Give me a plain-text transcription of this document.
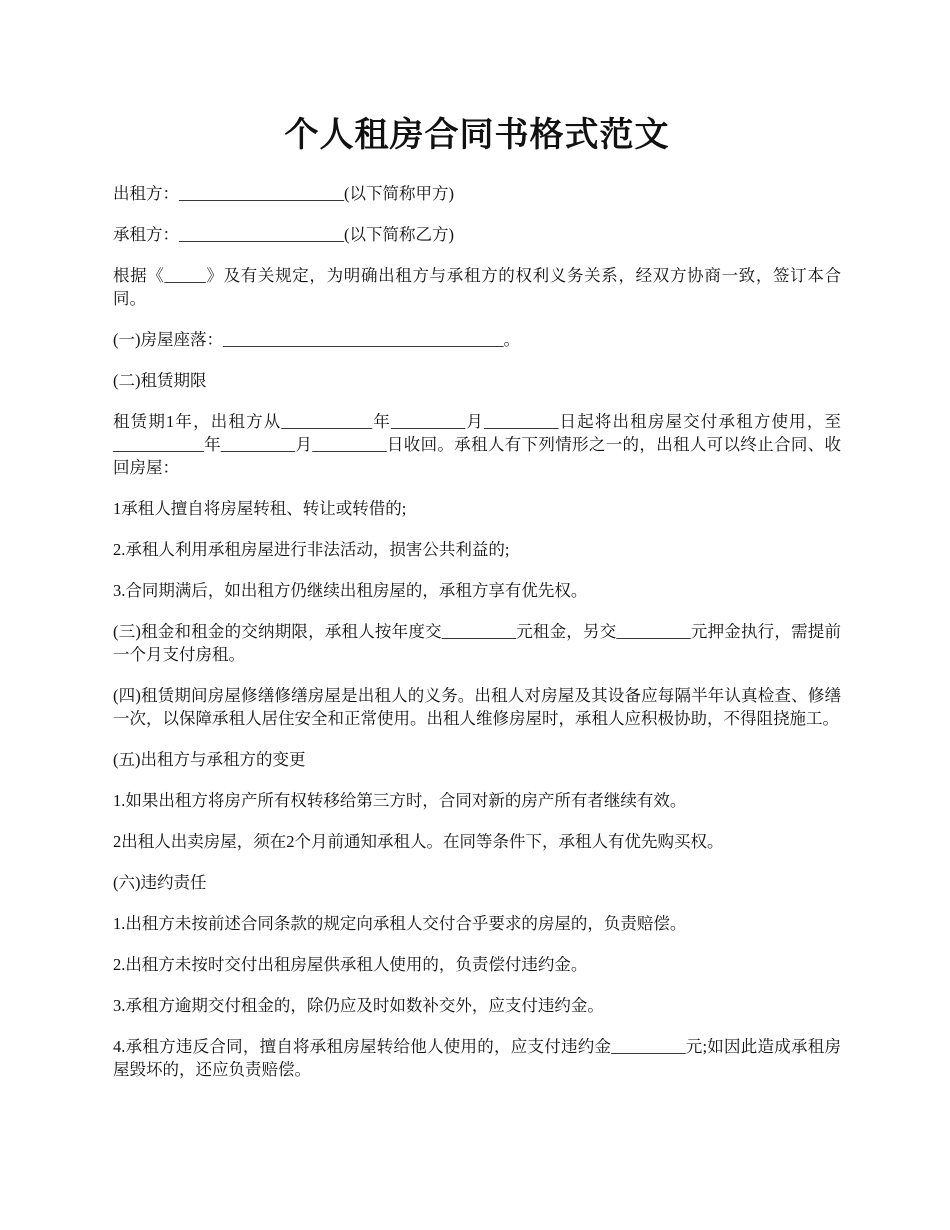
个人租房合同书格式范文

出租方：____________________(以下简称甲方)

承租方：____________________(以下简称乙方)

根据《_____》及有关规定，为明确出租方与承租方的权利义务关系，经双方协商一致，签订本合同。

(一)房屋座落：__________________________________。

(二)租赁期限

租赁期1年，出租方从___________年_________月_________日起将出租房屋交付承租方使用，至___________年_________月_________日收回。承租人有下列情形之一的，出租人可以终止合同、收回房屋：

1承租人擅自将房屋转租、转让或转借的;

2.承租人利用承租房屋进行非法活动，损害公共利益的;

3.合同期满后，如出租方仍继续出租房屋的，承租方享有优先权。

(三)租金和租金的交纳期限，承租人按年度交_________元租金，另交_________元押金执行，需提前一个月支付房租。

(四)租赁期间房屋修缮修缮房屋是出租人的义务。出租人对房屋及其设备应每隔半年认真检查、修缮一次，以保障承租人居住安全和正常使用。出租人维修房屋时，承租人应积极协助，不得阻挠施工。

(五)出租方与承租方的变更

1.如果出租方将房产所有权转移给第三方时，合同对新的房产所有者继续有效。

2出租人出卖房屋，须在2个月前通知承租人。在同等条件下，承租人有优先购买权。

(六)违约责任

1.出租方未按前述合同条款的规定向承租人交付合乎要求的房屋的，负责赔偿。

2.出租方未按时交付出租房屋供承租人使用的，负责偿付违约金。

3.承租方逾期交付租金的，除仍应及时如数补交外，应支付违约金。

4.承租方违反合同，擅自将承租房屋转给他人使用的，应支付违约金_________元;如因此造成承租房屋毁坏的，还应负责赔偿。
